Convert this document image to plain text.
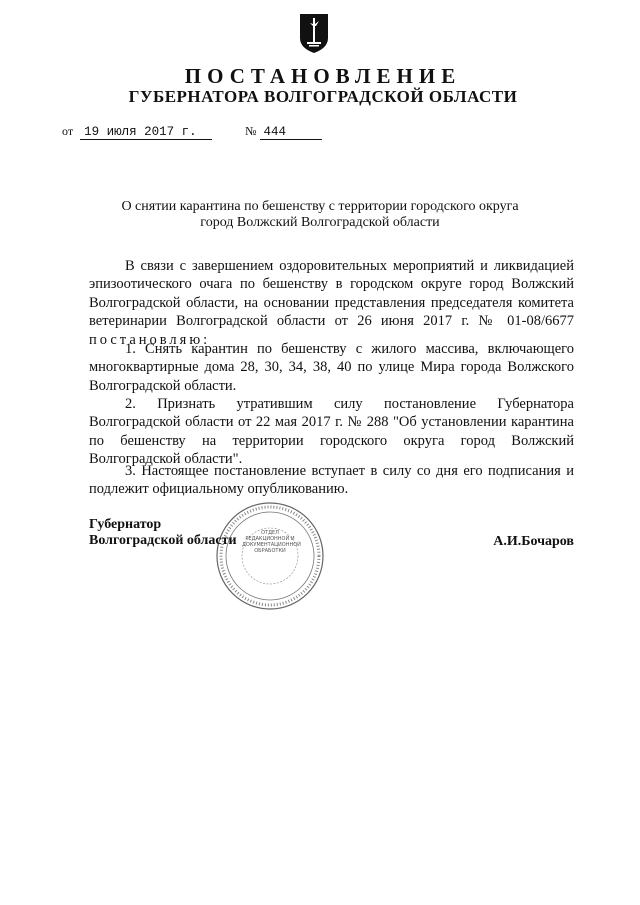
ПОСТАНОВЛЕНИЕ
ГУБЕРНАТОРА ВОЛГОГРАДСКОЙ ОБЛАСТИ
от 19 июля 2017 г.	№ 444
О снятии карантина по бешенству с территории городского округа
город Волжский Волгоградской области
В связи с завершением оздоровительных мероприятий и ликвидацией эпизоотического очага по бешенству в городском округе город Волжский Волгоградской области, на основании представления председателя комитета ветеринарии Волгоградской области от 26 июня 2017 г. № 01-08/6677 постановляю:
1. Снять карантин по бешенству с жилого массива, включающего многоквартирные дома 28, 30, 34, 38, 40 по улице Мира города Волжского Волгоградской области.
2. Признать утратившим силу постановление Губернатора Волгоградской области от 22 мая 2017 г. № 288 "Об установлении карантина по бешенству на территории городского округа город Волжский Волгоградской области".
3. Настоящее постановление вступает в силу со дня его подписания и подлежит официальному опубликованию.
ОТДЕЛ РЕДАКЦИОННОЙ И ДОКУМЕНТАЦИОННОЙ ОБРАБОТКИ
Губернатор
Волгоградской области	А.И.Бочаров
